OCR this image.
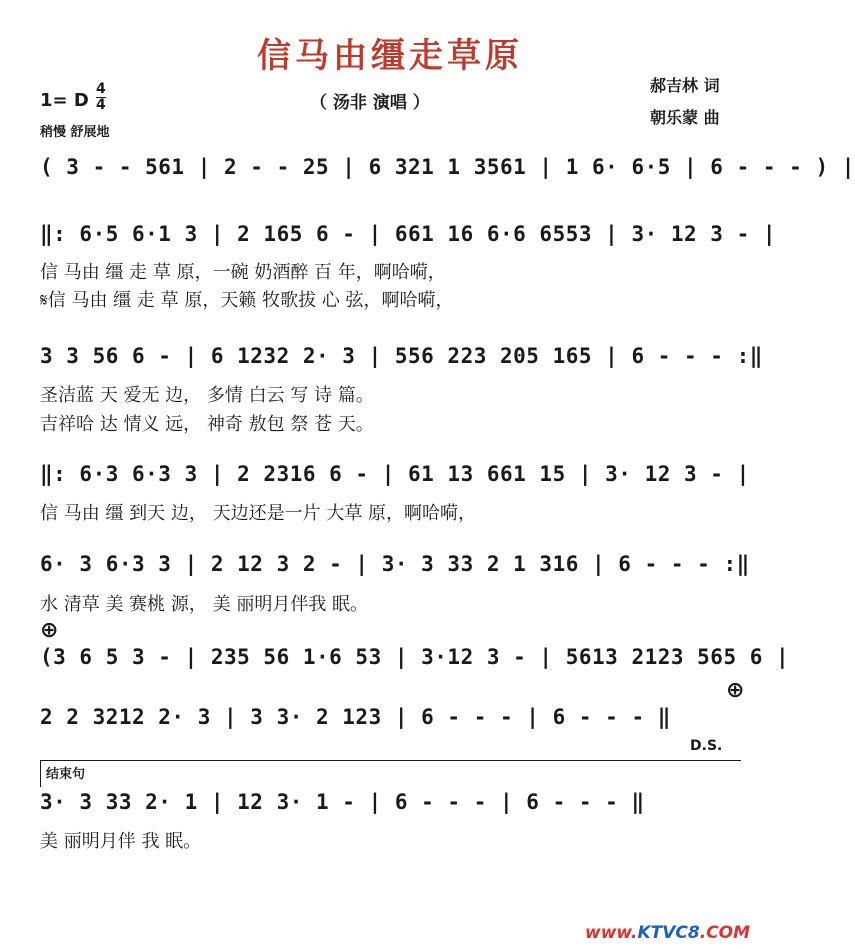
信马由缰走草原
（ 汤非 演唱 ）
郝吉林 词
朝乐蒙 曲
1= D
4
4
稍慢 舒展地
( 3 - - 561 | 2 - - 25 | 6 321 1 3561 | 1 6· 6·5 | 6 - - - ) |
‖: 6·5 6·1 3 | 2 165 6 - | 661 16 6·6 6553 | 3· 12 3 - |
信 马由 缰 走 草 原，一碗 奶酒醉 百 年，啊哈嗬，
𝄋信 马由 缰 走 草 原，天籁 牧歌拔 心 弦，啊哈嗬，
3 3 56 6 - | 6 1232 2· 3 | 556 223 205 165 | 6 - - - :‖
圣洁蓝 天 爱无 边， 多情 白云 写 诗 篇。
吉祥哈 达 情义 远， 神奇 敖包 祭 苍 天。
‖: 6·3 6·3 3 | 2 2316 6 - | 61 13 661 15 | 3· 12 3 - |
信 马由 缰 到天 边， 天边还是一片 大草 原，啊哈嗬，
6· 3 6·3 3 | 2 12 3 2 - | 3· 3 33 2 1 316 | 6 - - - :‖
水 清草 美 赛桃 源， 美 丽明月伴我 眠。
⊕
(3 6 5 3 - | 235 56 1·6 53 | 3·12 3 - | 5613 2123 565 6 |
⊕
2 2 3212 2· 3 | 3 3· 2 123 | 6 - - - | 6 - - - ‖
D.S.
结束句
3· 3 33 2· 1 | 12 3· 1 - | 6 - - - | 6 - - - ‖
美 丽明月伴 我 眠。
www.KTVC8.COM
